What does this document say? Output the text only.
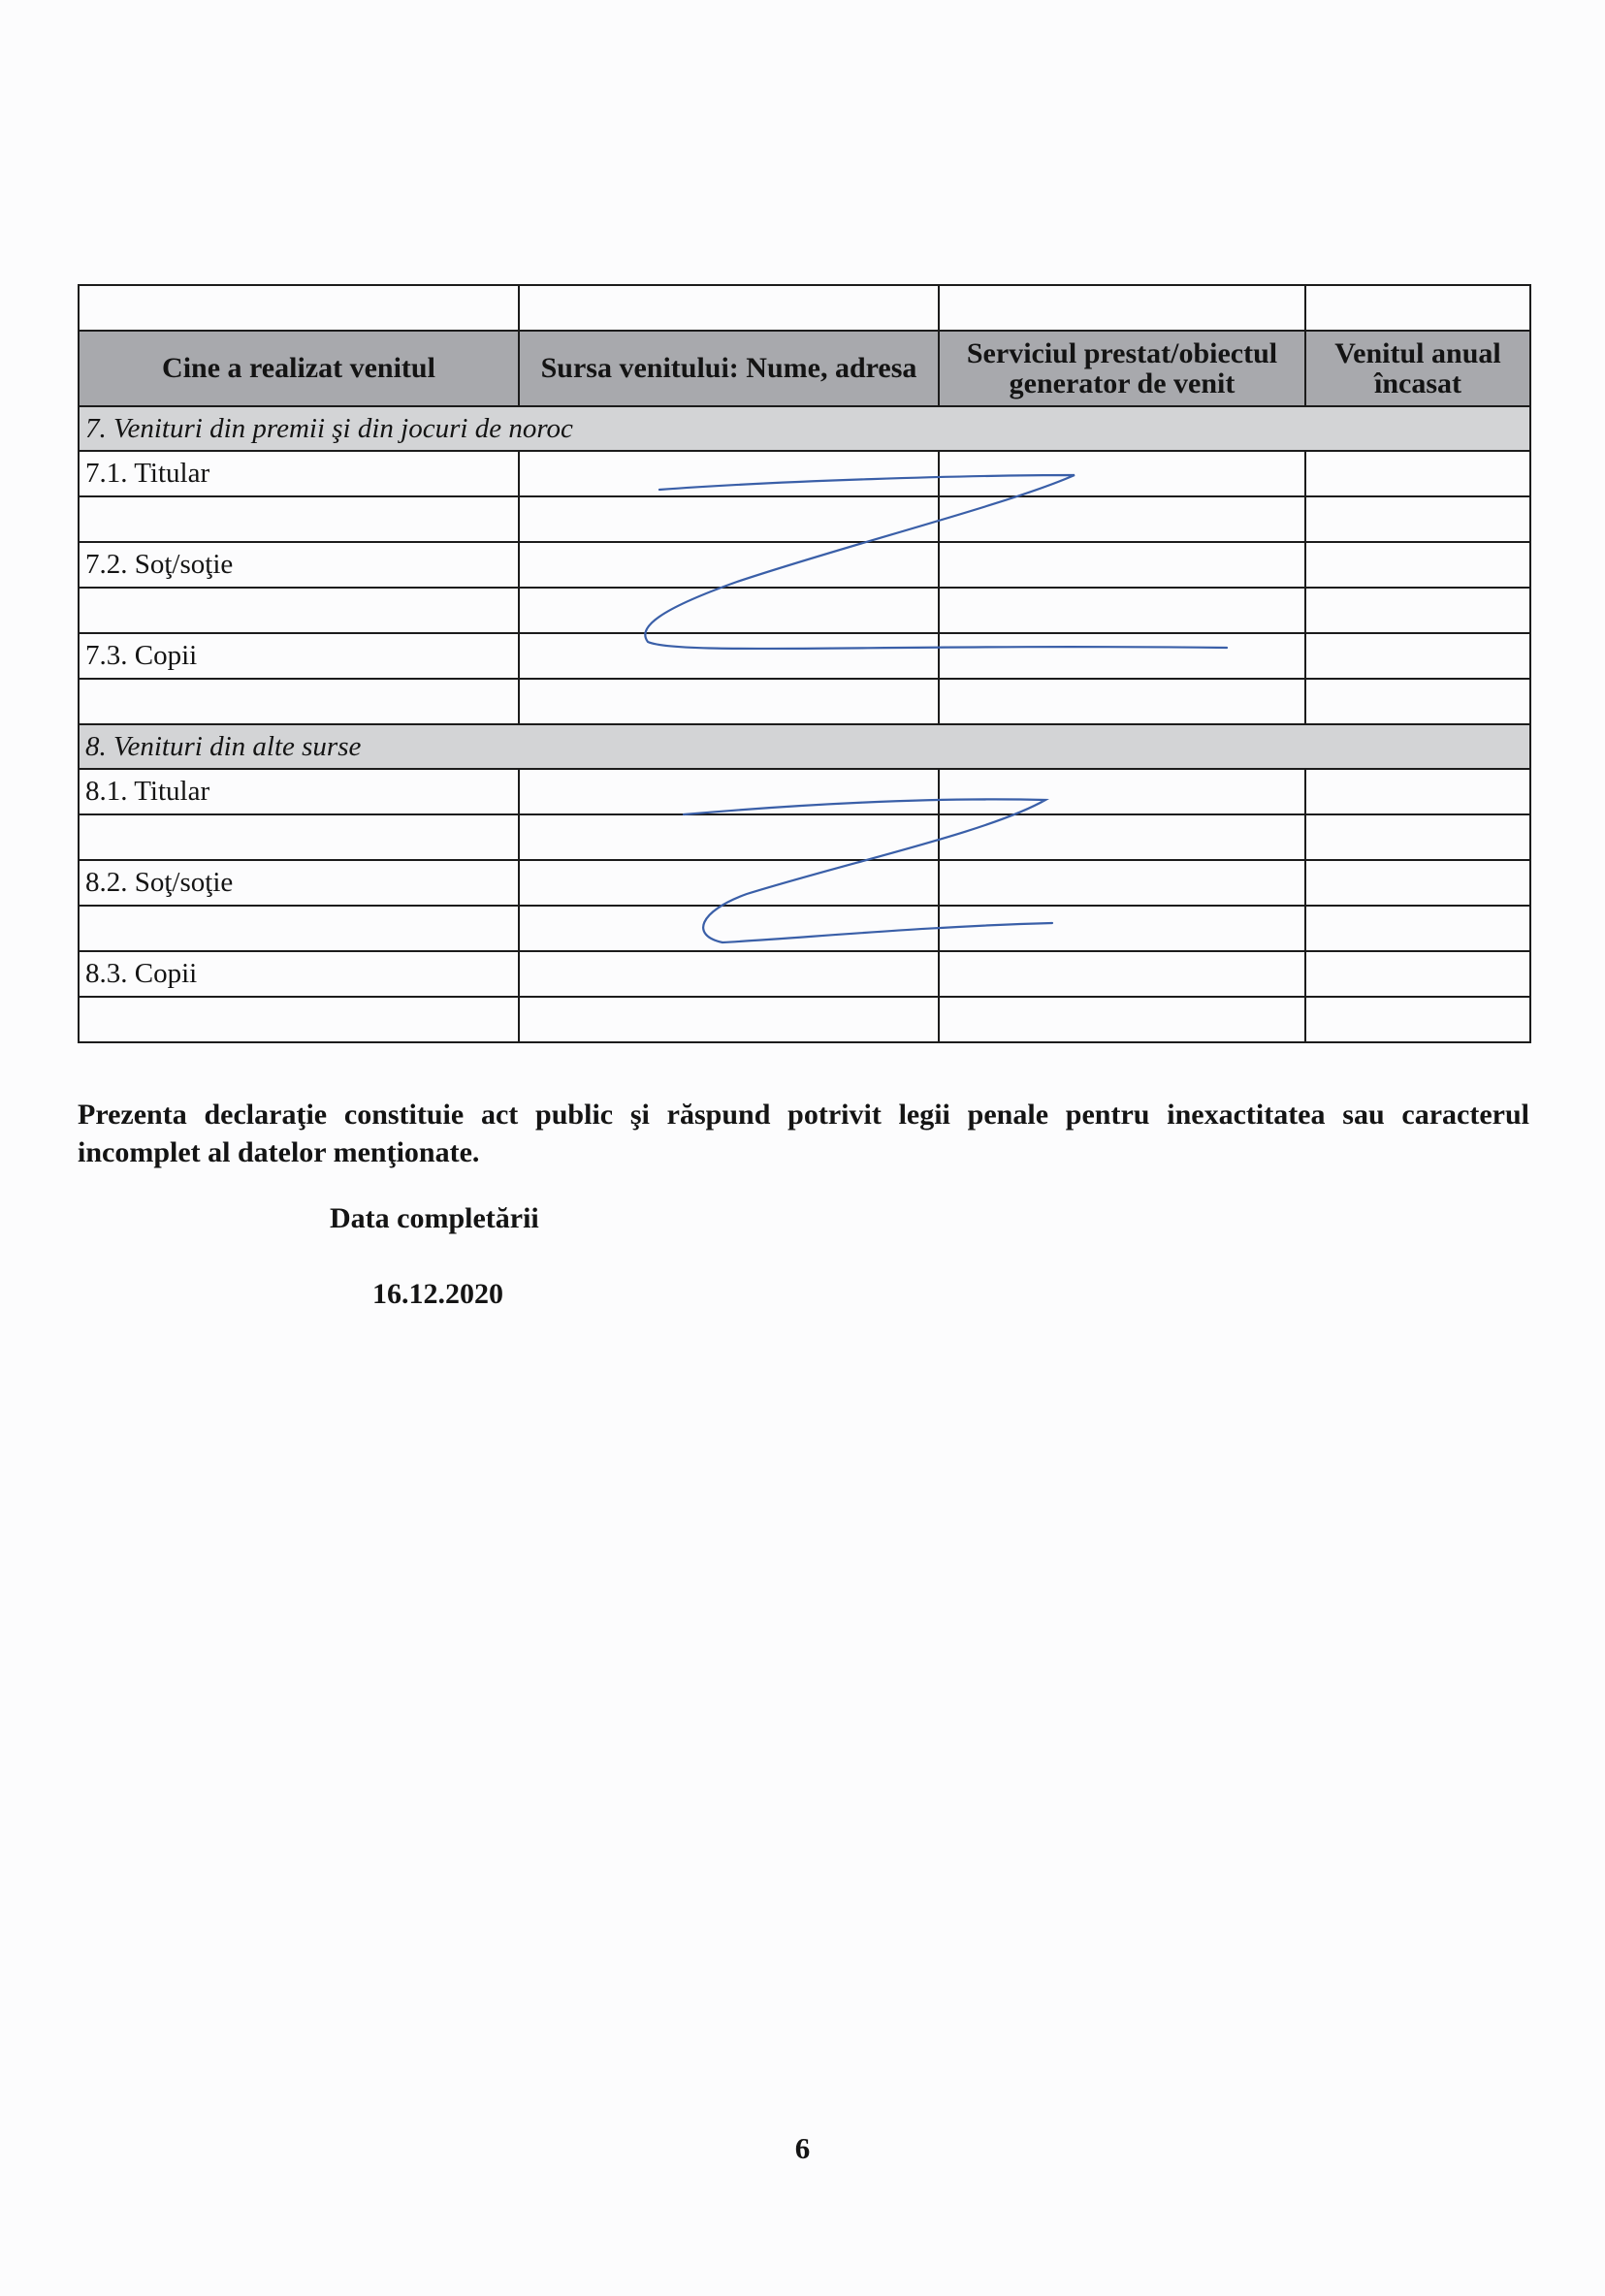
Cine a realizat venitul	Sursa venitului: Nume, adresa	Serviciul prestat/obiectul generator de venit	Venitul anual încasat
7. Venituri din premii şi din jocuri de noroc			
7.1. Titular			

7.2. Soţ/soţie			

7.3. Copii			

8. Venituri din alte surse			
8.1. Titular			

8.2. Soţ/soţie			

8.3. Copii			

Prezenta declaraţie constituie act public şi răspund potrivit legii penale pentru inexactitatea sau caracterul incomplet al datelor menţionate.
Data completării
16.12.2020
6
